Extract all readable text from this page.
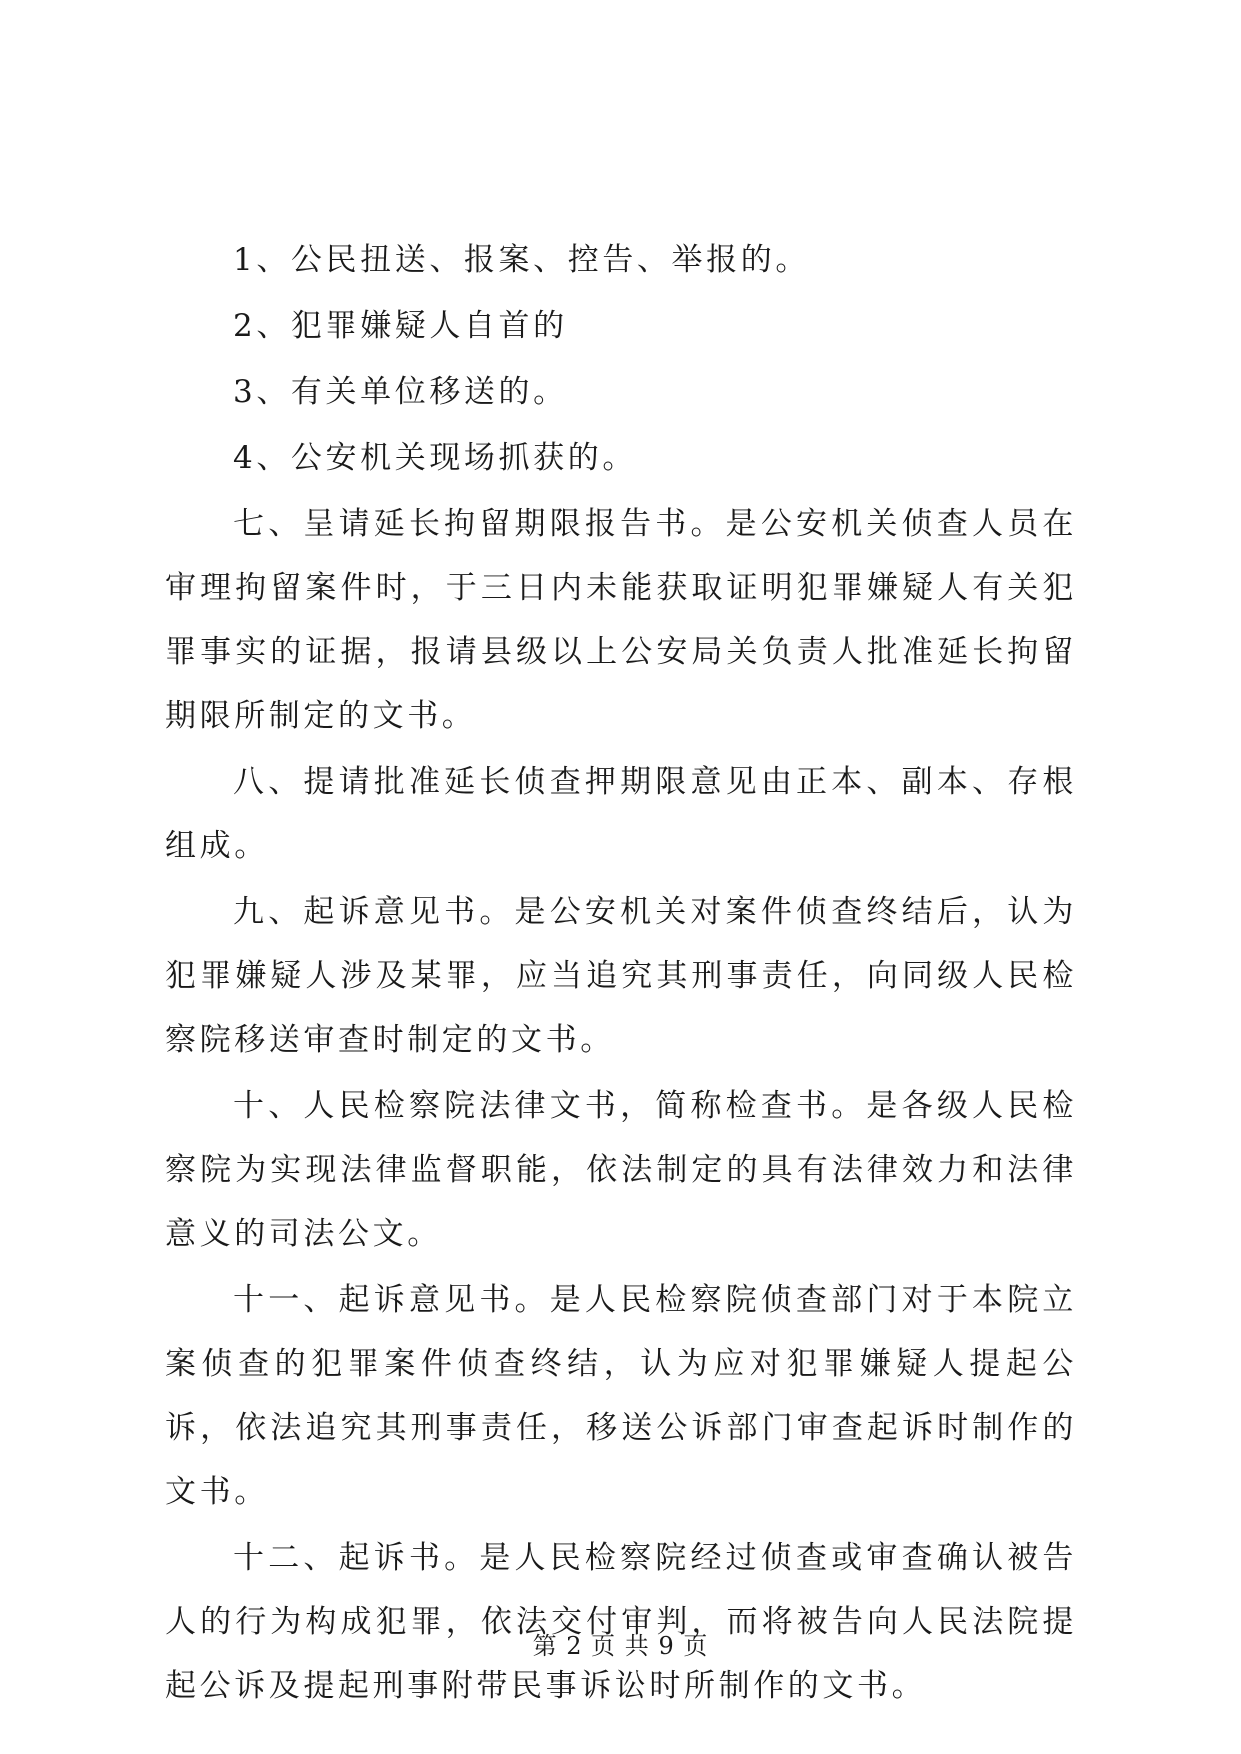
1、公民扭送、报案、控告、举报的。

2、犯罪嫌疑人自首的

3、有关单位移送的。

4、公安机关现场抓获的。

七、呈请延长拘留期限报告书。是公安机关侦查人员在审理拘留案件时，于三日内未能获取证明犯罪嫌疑人有关犯罪事实的证据，报请县级以上公安局关负责人批准延长拘留期限所制定的文书。

八、提请批准延长侦查押期限意见由正本、副本、存根组成。

九、起诉意见书。是公安机关对案件侦查终结后，认为犯罪嫌疑人涉及某罪，应当追究其刑事责任，向同级人民检察院移送审查时制定的文书。

十、人民检察院法律文书，简称检查书。是各级人民检察院为实现法律监督职能，依法制定的具有法律效力和法律意义的司法公文。

十一、起诉意见书。是人民检察院侦查部门对于本院立案侦查的犯罪案件侦查终结，认为应对犯罪嫌疑人提起公诉，依法追究其刑事责任，移送公诉部门审查起诉时制作的文书。

十二、起诉书。是人民检察院经过侦查或审查确认被告人的行为构成犯罪，依法交付审判，而将被告向人民法院提起公诉及提起刑事附带民事诉讼时所制作的文书。

第 2 页 共 9 页
